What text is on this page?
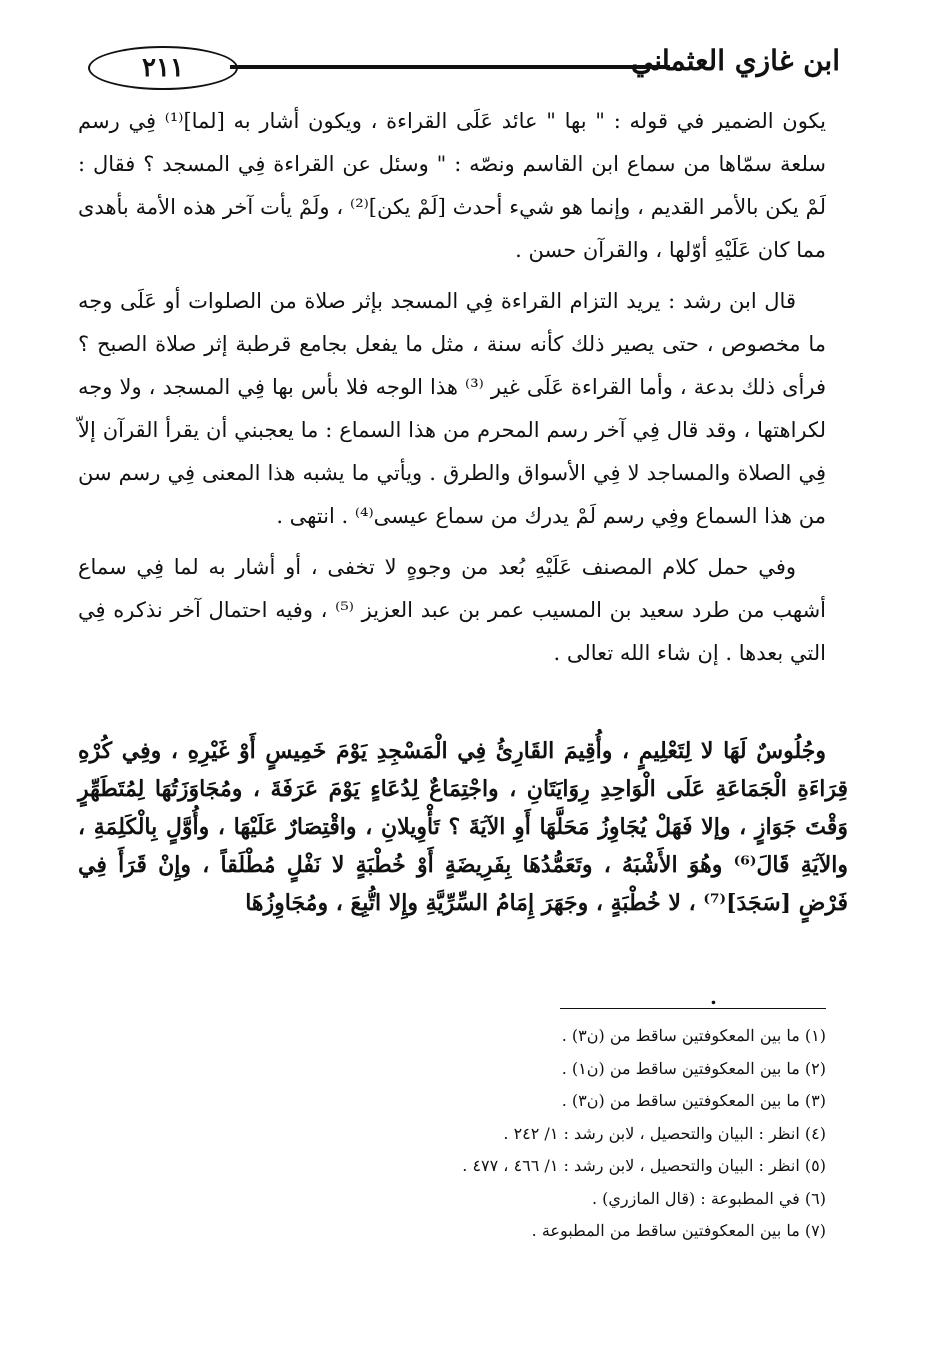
٢١١	ابن غازي العثماني

يكون الضمير في قوله : " بها " عائد عَلَى القراءة ، ويكون أشار به [لما]⁽¹⁾ فِي رسم سلعة سمّاها من سماع ابن القاسم ونصّه : " وسئل عن القراءة فِي المسجد ؟ فقال : لَمْ يكن بالأمر القديم ، وإنما هو شيء أحدث [لَمْ يكن]⁽²⁾ ، ولَمْ يأت آخر هذه الأمة بأهدى مما كان عَلَيْهِ أوّلها ، والقرآن حسن .

قال ابن رشد : يريد التزام القراءة فِي المسجد بإثر صلاة من الصلوات أو عَلَى وجه ما مخصوص ، حتى يصير ذلك كأنه سنة ، مثل ما يفعل بجامع قرطبة إثر صلاة الصبح ؟ فرأى ذلك بدعة ، وأما القراءة عَلَى غير ⁽³⁾ هذا الوجه فلا بأس بها فِي المسجد ، ولا وجه لكراهتها ، وقد قال فِي آخر رسم المحرم من هذا السماع : ما يعجبني أن يقرأ القرآن إلاّ فِي الصلاة والمساجد لا فِي الأسواق والطرق . ويأتي ما يشبه هذا المعنى فِي رسم سن من هذا السماع وفِي رسم لَمْ يدرك من سماع عيسى⁽⁴⁾ . انتهى .

وفي حمل كلام المصنف عَلَيْهِ بُعد من وجوهٍ لا تخفى ، أو أشار به لما فِي سماع أشهب من طرد سعيد بن المسيب عمر بن عبد العزيز ⁽⁵⁾ ، وفيه احتمال آخر نذكره فِي التي بعدها . إن شاء الله تعالى .

وجُلُوسٌ لَهَا لا لِتَعْلِيمٍ ، وأُقِيمَ القَارِئُ فِي الْمَسْجِدِ يَوْمَ خَمِيسٍ أَوْ غَيْرِهِ ، وفِي كُرْهِ قِرَاءَةِ الْجَمَاعَةِ عَلَى الْوَاحِدِ رِوَايَتَانِ ، واجْتِمَاعٌ لِدُعَاءٍ يَوْمَ عَرَفَةَ ، ومُجَاوَزَتُهَا لِمُتَطَهِّرٍ وَقْتَ جَوَازٍ ، وإلا فَهَلْ يُجَاوِزُ مَحَلَّهَا أَوِ الآيَةَ ؟ تَأْوِيلانِ ، واقْتِصَارٌ عَلَيْهَا ، وأُوَّلٍ بِالْكَلِمَةِ ، والآيَةِ قَالَ⁽⁶⁾ وهُوَ الأَشْبَهُ ، وتَعَمُّدُهَا بِفَرِيضَةٍ أَوْ خُطْبَةٍ لا نَفْلٍ مُطْلَقاً ، وإِنْ قَرَأَ فِي فَرْضٍ [سَجَدَ]⁽⁷⁾ ، لا خُطْبَةٍ ، وجَهَرَ إِمَامُ السِّرِّيَّةِ وإِلا اتُّبِعَ ، ومُجَاوِزُهَا

.
(١) ما بين المعكوفتين ساقط من (ن٣) .
(٢) ما بين المعكوفتين ساقط من (ن١) .
(٣) ما بين المعكوفتين ساقط من (ن٣) .
(٤) انظر : البيان والتحصيل ، لابن رشد : ١/ ٢٤٢ .
(٥) انظر : البيان والتحصيل ، لابن رشد : ١/ ٤٦٦ ، ٤٧٧ .
(٦) في المطبوعة : (قال المازري) .
(٧) ما بين المعكوفتين ساقط من المطبوعة .
